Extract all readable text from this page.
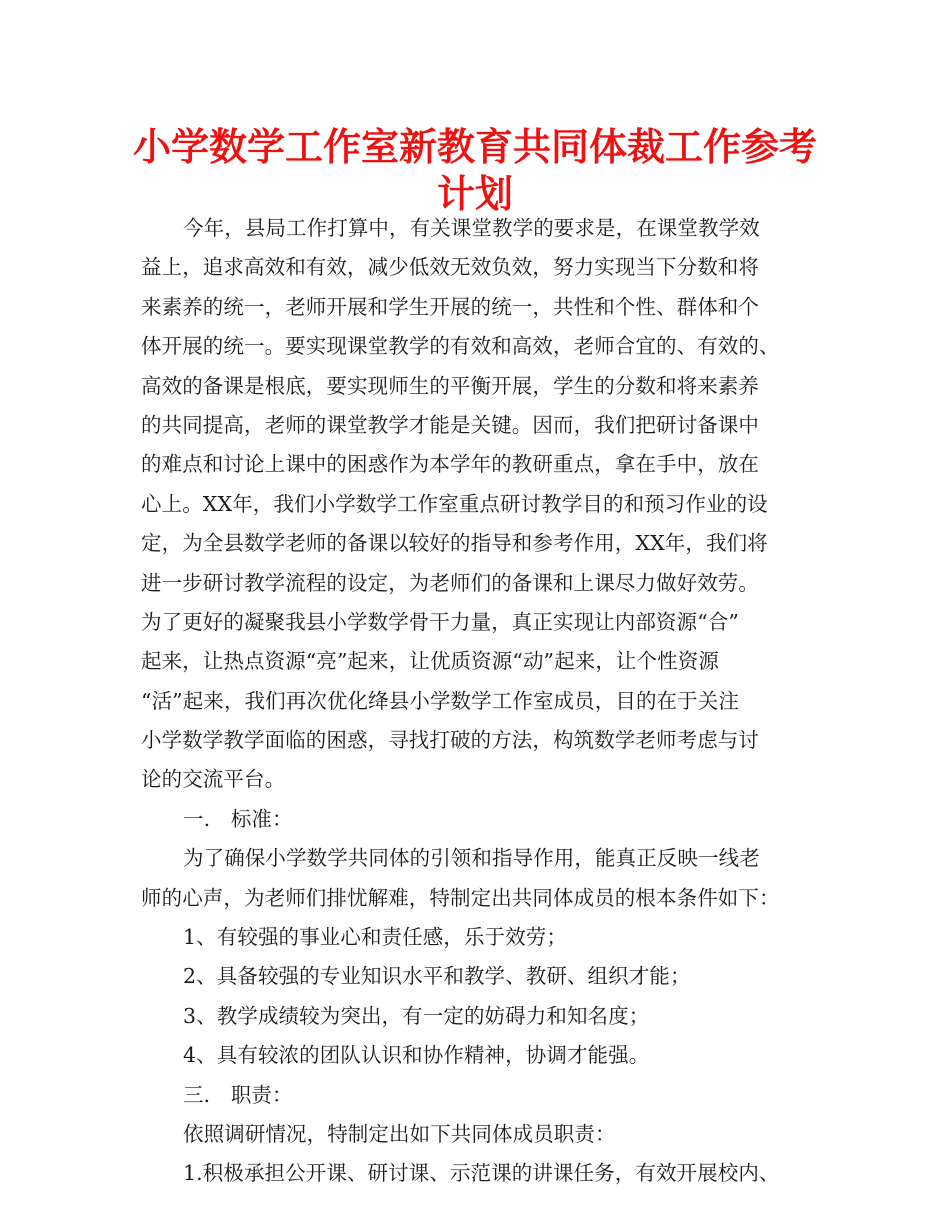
小学数学工作室新教育共同体裁工作参考
计划
今年，县局工作打算中，有关课堂教学的要求是，在课堂教学效
益上，追求高效和有效，减少低效无效负效，努力实现当下分数和将
来素养的统一，老师开展和学生开展的统一，共性和个性、群体和个
体开展的统一。要实现课堂教学的有效和高效，老师合宜的、有效的、
高效的备课是根底，要实现师生的平衡开展，学生的分数和将来素养
的共同提高，老师的课堂教学才能是关键。因而，我们把研讨备课中
的难点和讨论上课中的困惑作为本学年的教研重点，拿在手中，放在
心上。XX年，我们小学数学工作室重点研讨教学目的和预习作业的设
定，为全县数学老师的备课以较好的指导和参考作用，XX年，我们将
进一步研讨教学流程的设定，为老师们的备课和上课尽力做好效劳。
为了更好的凝聚我县小学数学骨干力量，真正实现让内部资源“合”
起来，让热点资源“亮”起来，让优质资源“动”起来，让个性资源
“活”起来，我们再次优化绛县小学数学工作室成员，目的在于关注
小学数学教学面临的困惑，寻找打破的方法，构筑数学老师考虑与讨
论的交流平台。
一.　标准：
为了确保小学数学共同体的引领和指导作用，能真正反映一线老
师的心声，为老师们排忧解难，特制定出共同体成员的根本条件如下：
1、有较强的事业心和责任感，乐于效劳；
2、具备较强的专业知识水平和教学、教研、组织才能；
3、教学成绩较为突出，有一定的妨碍力和知名度；
4、具有较浓的团队认识和协作精神，协调才能强。
三.　职责：
依照调研情况，特制定出如下共同体成员职责：
1.积极承担公开课、研讨课、示范课的讲课任务，有效开展校内、
